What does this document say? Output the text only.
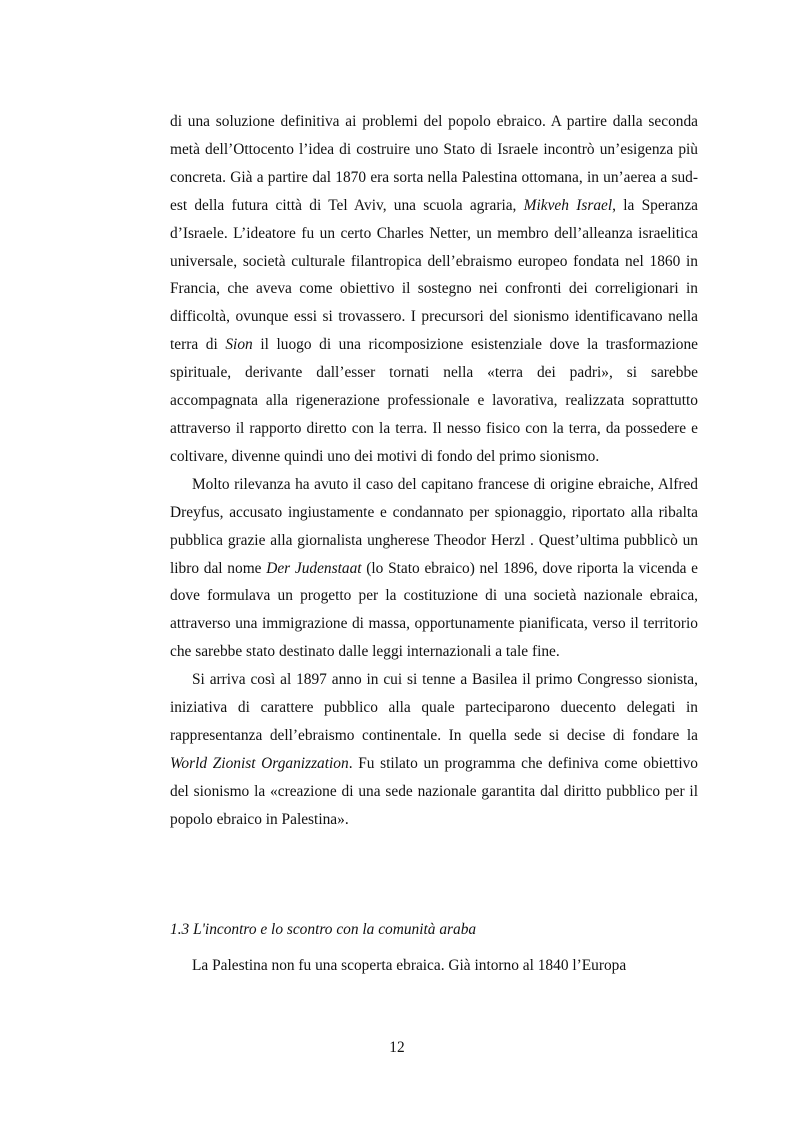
di una soluzione definitiva ai problemi del popolo ebraico. A partire dalla seconda metà dell’Ottocento l’idea di costruire uno Stato di Israele incontrò un’esigenza più concreta. Già a partire dal 1870 era sorta nella Palestina ottomana, in un’aerea a sud-est della futura città di Tel Aviv, una scuola agraria, Mikveh Israel, la Speranza d’Israele. L’ideatore fu un certo Charles Netter, un membro dell’alleanza israelitica universale, società culturale filantropica dell’ebraismo europeo fondata nel 1860 in Francia, che aveva come obiettivo il sostegno nei confronti dei correligionari in difficoltà, ovunque essi si trovassero. I precursori del sionismo identificavano nella terra di Sion il luogo di una ricomposizione esistenziale dove la trasformazione spirituale, derivante dall’esser tornati nella «terra dei padri», si sarebbe accompagnata alla rigenerazione professionale e lavorativa, realizzata soprattutto attraverso il rapporto diretto con la terra. Il nesso fisico con la terra, da possedere e coltivare, divenne quindi uno dei motivi di fondo del primo sionismo.

Molto rilevanza ha avuto il caso del capitano francese di origine ebraiche, Alfred Dreyfus, accusato ingiustamente e condannato per spionaggio, riportato alla ribalta pubblica grazie alla giornalista ungherese Theodor Herzl . Quest’ultima pubblicò un libro dal nome Der Judenstaat (lo Stato ebraico) nel 1896, dove riporta la vicenda e dove formulava un progetto per la costituzione di una società nazionale ebraica, attraverso una immigrazione di massa, opportunamente pianificata, verso il territorio che sarebbe stato destinato dalle leggi internazionali a tale fine.

Si arriva così al 1897 anno in cui si tenne a Basilea il primo Congresso sionista, iniziativa di carattere pubblico alla quale parteciparono duecento delegati in rappresentanza dell’ebraismo continentale. In quella sede si decise di fondare la World Zionist Organizzation. Fu stilato un programma che definiva come obiettivo del sionismo la «creazione di una sede nazionale garantita dal diritto pubblico per il popolo ebraico in Palestina».

1.3 L'incontro e lo scontro con la comunità araba

La Palestina non fu una scoperta ebraica. Già intorno al 1840 l’Europa

12
